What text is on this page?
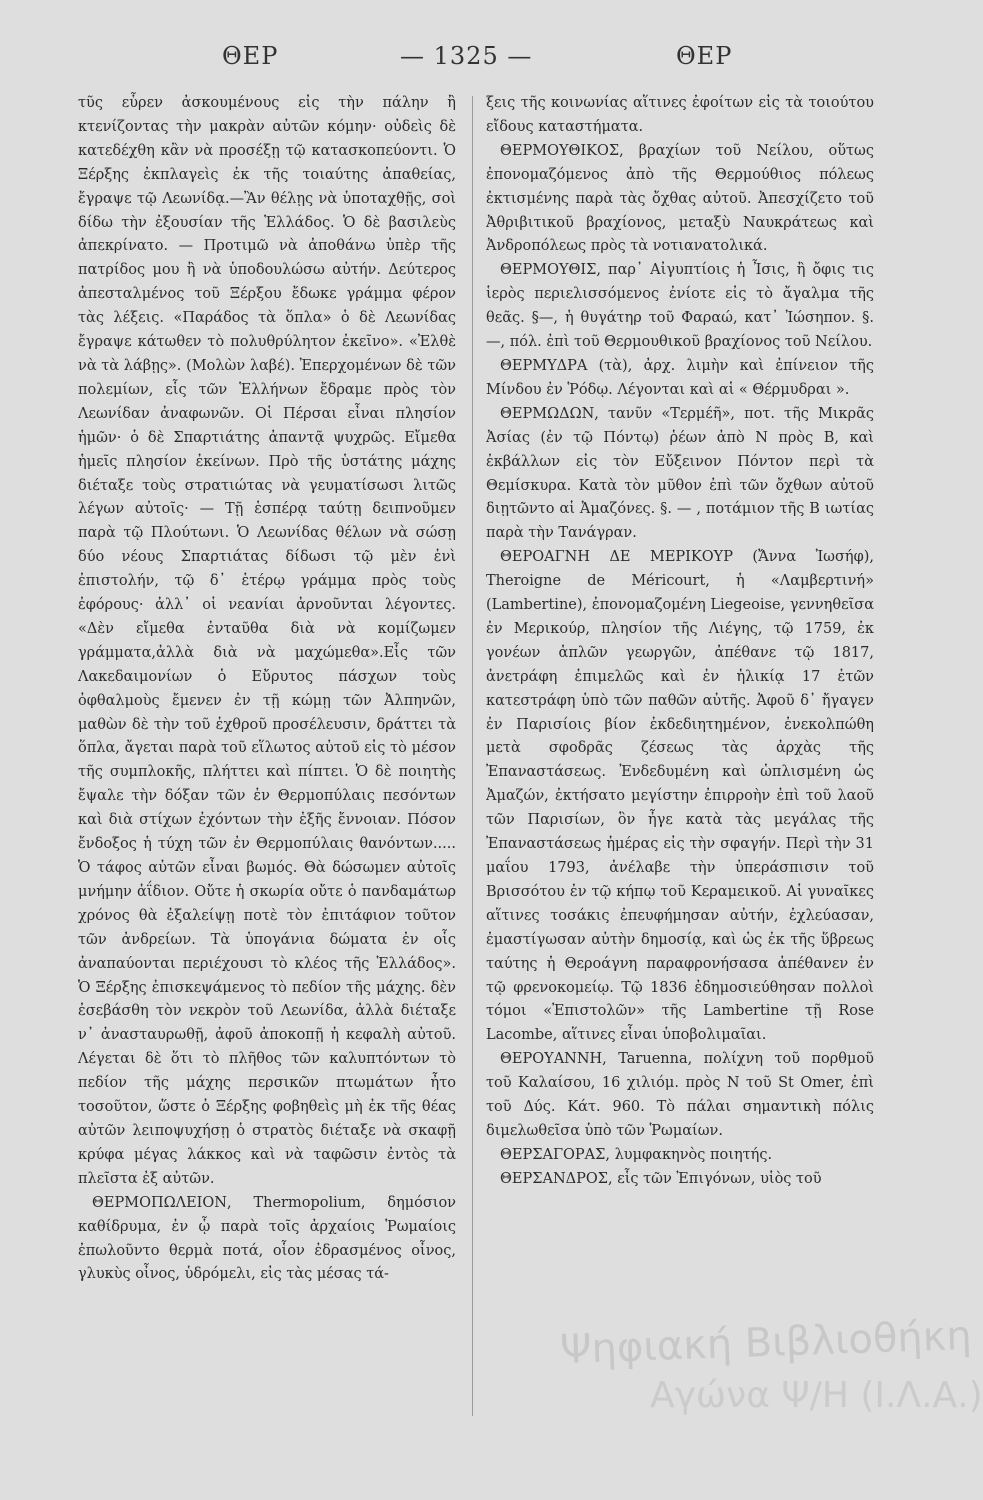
ΘΕΡ	— 1325 —	ΘΕΡ

τῦς εὗρεν ἀσκουμένους εἰς τὴν πάλην ἢ κτενίζοντας τὴν μακρὰν αὐτῶν κόμην· οὐδεὶς δὲ κατεδέχθη κἂν νὰ προσέξῃ τῷ κατασκοπεύοντι. Ὁ Ξέρξης ἐκπλαγεὶς ἐκ τῆς τοιαύτης ἀπαθείας, ἔγραψε τῷ Λεωνίδᾳ.—Ἂν θέλῃς νὰ ὑποταχθῇς, σοὶ δίδω τὴν ἐξουσίαν τῆς Ἑλλάδος. Ὁ δὲ βασιλεὺς ἀπεκρίνατο. — Προτιμῶ νὰ ἀποθάνω ὑπὲρ τῆς πατρίδος μου ἢ νὰ ὑποδουλώσω αὐτήν. Δεύτερος ἀπεσταλμένος τοῦ Ξέρξου ἔδωκε γράμμα φέρον τὰς λέξεις. «Παράδος τὰ ὅπλα» ὁ δὲ Λεωνίδας ἔγραψε κάτωθεν τὸ πολυθρύλητον ἐκεῖνο». «Ἐλθὲ νὰ τὰ λάβῃς». (Μολὼν λαβέ). Ἐπερχομένων δὲ τῶν πολεμίων, εἷς τῶν Ἑλλήνων ἔδραμε πρὸς τὸν Λεωνίδαν ἀναφωνῶν. Οἱ Πέρσαι εἶναι πλησίον ἡμῶν· ὁ δὲ Σπαρτιάτης ἀπαντᾷ ψυχρῶς. Εἴμεθα ἡμεῖς πλησίον ἐκείνων. Πρὸ τῆς ὑστάτης μάχης διέταξε τοὺς στρατιώτας νὰ γευματίσωσι λιτῶς λέγων αὐτοῖς· — Τῇ ἑσπέρᾳ ταύτῃ δειπνοῦμεν παρὰ τῷ Πλούτωνι. Ὁ Λεωνίδας θέλων νὰ σώσῃ δύο νέους Σπαρτιάτας δίδωσι τῷ μὲν ἑνὶ ἐπιστολήν, τῷ δ᾽ ἑτέρῳ γράμμα πρὸς τοὺς ἐφόρους· ἀλλ᾽ οἱ νεανίαι ἀρνοῦνται λέγοντες. «Δὲν εἴμεθα ἐνταῦθα διὰ νὰ κομίζωμεν γράμματα,ἀλλὰ διὰ νὰ μαχώμεθα».Εἷς τῶν Λακεδαιμονίων ὁ Εὔρυτος πάσχων τοὺς ὀφθαλμοὺς ἔμενεν ἐν τῇ κώμῃ τῶν Ἀλπηνῶν, μαθὼν δὲ τὴν τοῦ ἐχθροῦ προσέλευσιν, δράττει τὰ ὅπλα, ἄγεται παρὰ τοῦ εἵλωτος αὐτοῦ εἰς τὸ μέσον τῆς συμπλοκῆς, πλήττει καὶ πίπτει. Ὁ δὲ ποιητὴς ἔψαλε τὴν δόξαν τῶν ἐν Θερμοπύλαις πεσόντων καὶ διὰ στίχων ἐχόντων τὴν ἑξῆς ἔννοιαν. Πόσον ἔνδοξος ἡ τύχη τῶν ἐν Θερμοπύλαις θανόντων..... Ὁ τάφος αὐτῶν εἶναι βωμός. Θὰ δώσωμεν αὐτοῖς μνήμην ἀΐδιον. Οὔτε ἡ σκωρία οὔτε ὁ πανδαμάτωρ χρόνος θὰ ἐξαλείψῃ ποτὲ τὸν ἐπιτάφιον τοῦτον τῶν ἀνδρείων. Τὰ ὑπογάνια δώματα ἐν οἷς ἀναπαύονται περιέχουσι τὸ κλέος τῆς Ἑλλάδος». Ὁ Ξέρξης ἐπισκεψάμενος τὸ πεδίον τῆς μάχης. δὲν ἐσεβάσθη τὸν νεκρὸν τοῦ Λεωνίδα, ἀλλὰ διέταξε ν᾽ ἀνασταυρωθῇ, ἀφοῦ ἀποκοπῇ ἡ κεφαλὴ αὐτοῦ. Λέγεται δὲ ὅτι τὸ πλῆθος τῶν καλυπτόντων τὸ πεδίον τῆς μάχης περσικῶν πτωμάτων ἦτο τοσοῦτον, ὥστε ὁ Ξέρξης φοβηθεὶς μὴ ἐκ τῆς θέας αὐτῶν λειποψυχήσῃ ὁ στρατὸς διέταξε νὰ σκαφῇ κρύφα μέγας λάκκος καὶ νὰ ταφῶσιν ἐντὸς τὰ πλεῖστα ἐξ αὐτῶν.

ΘΕΡΜΟΠΩΛΕΙΟΝ, Thermopolium, δημόσιον καθίδρυμα, ἐν ᾧ παρὰ τοῖς ἀρχαίοις Ῥωμαίοις ἐπωλοῦντο θερμὰ ποτά, οἷον ἐδρασμένος οἶνος, γλυκὺς οἶνος, ὑδρόμελι, εἰς τὰς μέσας τά-

ξεις τῆς κοινωνίας αἵτινες ἐφοίτων εἰς τὰ τοιούτου εἴδους καταστήματα.

ΘΕΡΜΟΥΘΙΚΟΣ, βραχίων τοῦ Νείλου, οὕτως ἐπονομαζόμενος ἀπὸ τῆς Θερμούθιος πόλεως ἐκτισμένης παρὰ τὰς ὄχθας αὐτοῦ. Ἀπεσχίζετο τοῦ Ἀθριβιτικοῦ βραχίονος, μεταξὺ Ναυκράτεως καὶ Ἀνδροπόλεως πρὸς τὰ νοτιανατολικά.

ΘΕΡΜΟΥΘΙΣ, παρ᾽ Αἰγυπτίοις ἡ Ἶσις, ἢ ὄφις τις ἱερὸς περιελισσόμενος ἐνίοτε εἰς τὸ ἄγαλμα τῆς θεᾶς. §—, ἡ θυγάτηρ τοῦ Φαραώ, κατ᾽ Ἰώσηπον. §. —, πόλ. ἐπὶ τοῦ Θερμουθικοῦ βραχίονος τοῦ Νείλου.

ΘΕΡΜΥΔΡΑ (τὰ), ἀρχ. λιμὴν καὶ ἐπίνειον τῆς Μίνδου ἐν Ῥόδῳ. Λέγονται καὶ αἱ « Θέρμυδραι ».

ΘΕΡΜΩΔΩΝ, τανῦν «Τερμέῆ», ποτ. τῆς Μικρᾶς Ἀσίας (ἐν τῷ Πόντῳ) ῥέων ἀπὸ Ν πρὸς Β, καὶ ἐκβάλλων εἰς τὸν Εὔξεινον Πόντον περὶ τὰ Θεμίσκυρα. Κατὰ τὸν μῦθον ἐπὶ τῶν ὄχθων αὐτοῦ διῃτῶντο αἱ Ἀμαζόνες. §. — , ποτάμιον τῆς Β ιωτίας παρὰ τὴν Τανάγραν.

ΘΕΡΟΑΓΝΗ ΔΕ ΜΕΡΙΚΟΥΡ (Ἄννα Ἰωσήφ), Theroigne de Méricourt, ἡ «Λαμβερτινή» (Lambertine), ἐπονομαζομένη Liegeoise, γεννηθεῖσα ἐν Μερικούρ, πλησίον τῆς Λιέγης, τῷ 1759, ἐκ γονέων ἁπλῶν γεωργῶν, ἀπέθανε τῷ 1817, ἀνετράφη ἐπιμελῶς καὶ ἐν ἡλικίᾳ 17 ἐτῶν κατεστράφη ὑπὸ τῶν παθῶν αὐτῆς. Ἀφοῦ δ᾽ ἤγαγεν ἐν Παρισίοις βίον ἐκδεδιητημένον, ἐνεκολπώθη μετὰ σφοδρᾶς ζέσεως τὰς ἀρχὰς τῆς Ἐπαναστάσεως. Ἐνδεδυμένη καὶ ὡπλισμένη ὡς Ἀμαζών, ἐκτήσατο μεγίστην ἐπιρροὴν ἐπὶ τοῦ λαοῦ τῶν Παρισίων, ὃν ἦγε κατὰ τὰς μεγάλας τῆς Ἐπαναστάσεως ἡμέρας εἰς τὴν σφαγήν. Περὶ τὴν 31 μαΐου 1793, ἀνέλαβε τὴν ὑπεράσπισιν τοῦ Βρισσότου ἐν τῷ κήπῳ τοῦ Κεραμεικοῦ. Αἱ γυναῖκες αἵτινες τοσάκις ἐπευφήμησαν αὐτήν, ἐχλεύασαν, ἐμαστίγωσαν αὐτὴν δημοσίᾳ, καὶ ὡς ἐκ τῆς ὕβρεως ταύτης ἡ Θεροάγνη παραφρονήσασα ἀπέθανεν ἐν τῷ φρενοκομείῳ. Τῷ 1836 ἐδημοσιεύθησαν πολλοὶ τόμοι «Ἐπιστολῶν» τῆς Lambertine τῇ Rose Lacombe, αἵτινες εἶναι ὑποβολιμαῖαι.

ΘΕΡΟΥΑΝΝΗ, Taruenna, πολίχνη τοῦ πορθμοῦ τοῦ Καλαίσου, 16 χιλιόμ. πρὸς Ν τοῦ St Omer, ἐπὶ τοῦ Δύς. Κάτ. 960. Τὸ πάλαι σημαντικὴ πόλις διμελωθεῖσα ὑπὸ τῶν Ῥωμαίων.

ΘΕΡΣΑΓΟΡΑΣ, λυμφακηνὸς ποιητής.

ΘΕΡΣΑΝΔΡΟΣ, εἷς τῶν Ἐπιγόνων, υἱὸς τοῦ

Ψηφιακή Βιβλιοθήκη
Αγώνα Ψ/Η (Ι.Λ.Α.)
